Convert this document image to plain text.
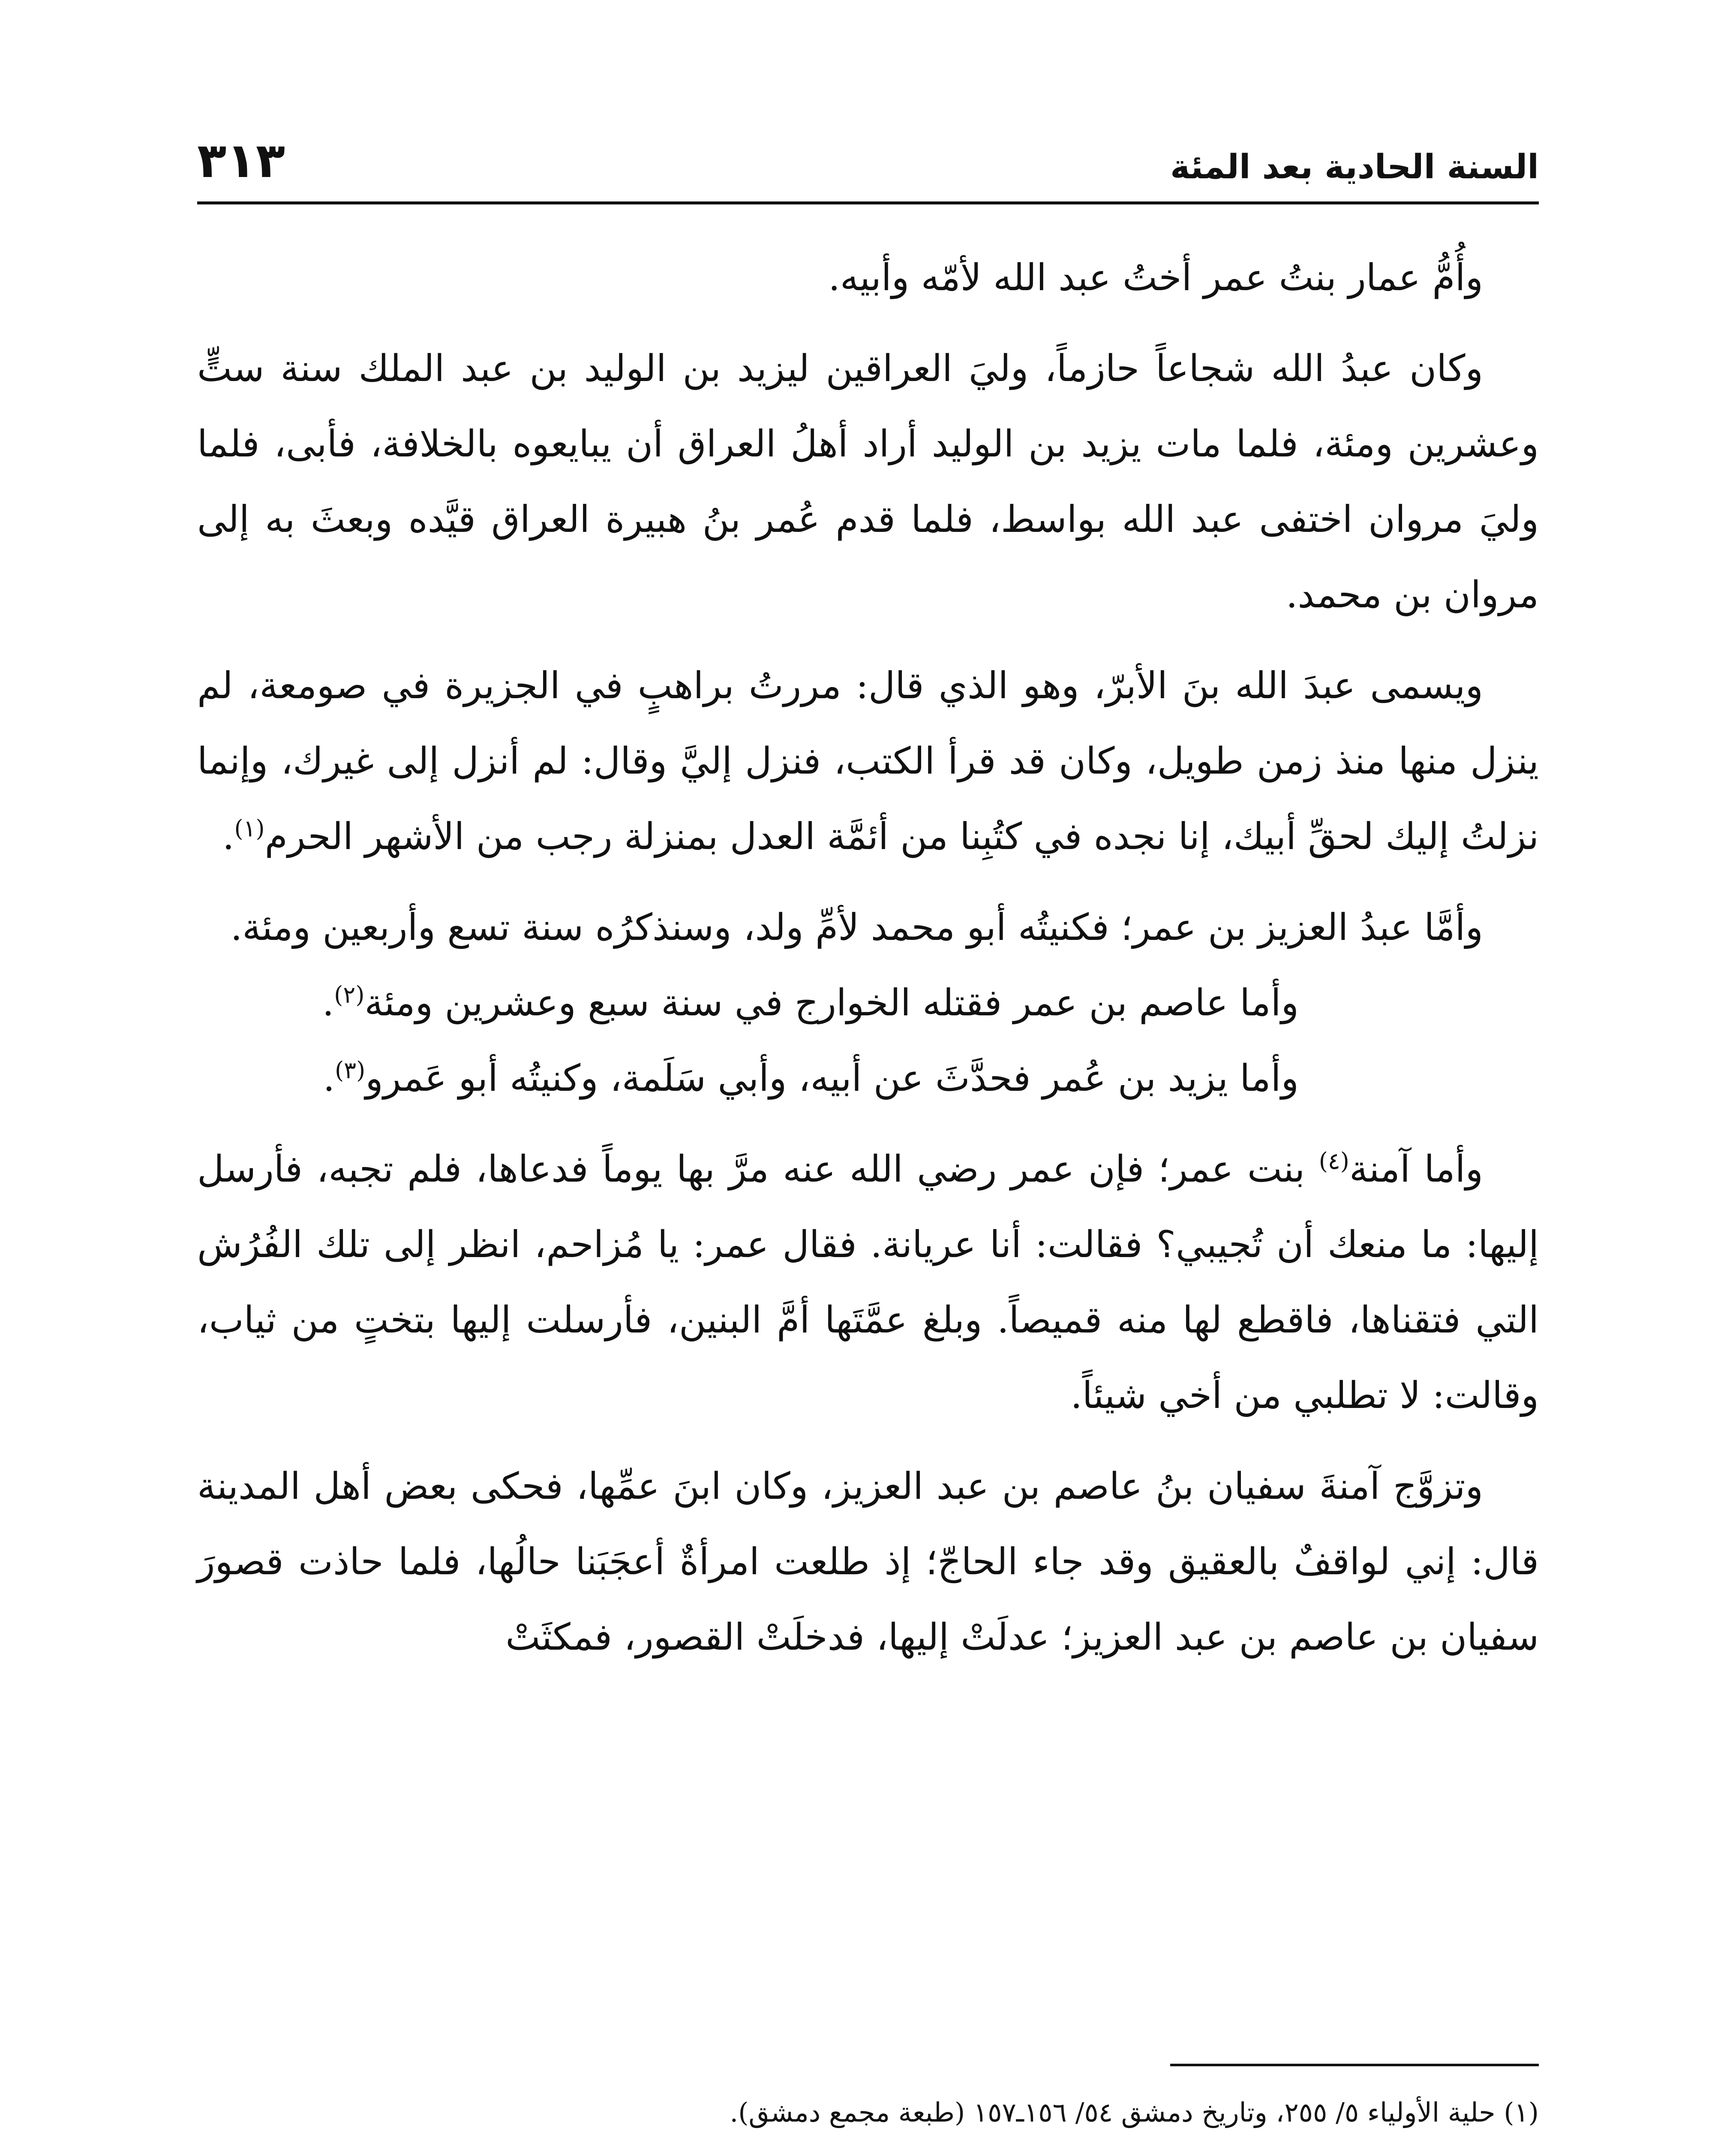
السنة الحادية بعد المئة
٣١٣

وأُمُّ عمار بنتُ عمر أختُ عبد الله لأمّه وأبيه.

وكان عبدُ الله شجاعاً حازماً، وليَ العراقين ليزيد بن الوليد بن عبد الملك سنة ستٍّ وعشرين ومئة، فلما مات يزيد بن الوليد أراد أهلُ العراق أن يبايعوه بالخلافة، فأبى، فلما وليَ مروان اختفى عبد الله بواسط، فلما قدم عُمر بنُ هبيرة العراق قيَّده وبعثَ به إلى مروان بن محمد.

ويسمى عبدَ الله بنَ الأبرّ، وهو الذي قال: مررتُ براهبٍ في الجزيرة في صومعة، لم ينزل منها منذ زمن طويل، وكان قد قرأ الكتب، فنزل إليَّ وقال: لم أنزل إلى غيرك، وإنما نزلتُ إليك لحقِّ أبيك، إنا نجده في كتُبِنا من أئمَّة العدل بمنزلة رجب من الأشهر الحرم$^{(١)}$.

وأمَّا عبدُ العزيز بن عمر؛ فكنيتُه أبو محمد لأمِّ ولد، وسنذكرُه سنة تسع وأربعين ومئة.

وأما عاصم بن عمر فقتله الخوارج في سنة سبع وعشرين ومئة$^{(٢)}$.

وأما يزيد بن عُمر فحدَّثَ عن أبيه، وأبي سَلَمة، وكنيتُه أبو عَمرو$^{(٣)}$.

وأما آمنة$^{(٤)}$ بنت عمر؛ فإن عمر رضي الله عنه مرَّ بها يوماً فدعاها، فلم تجبه، فأرسل إليها: ما منعك أن تُجيبي؟ فقالت: أنا عريانة. فقال عمر: يا مُزاحم، انظر إلى تلك الفُرُش التي فتقناها، فاقطع لها منه قميصاً. وبلغ عمَّتَها أمَّ البنين، فأرسلت إليها بتختٍ من ثياب، وقالت: لا تطلبي من أخي شيئاً.

وتزوَّج آمنةَ سفيان بنُ عاصم بن عبد العزيز، وكان ابنَ عمِّها، فحكى بعض أهل المدينة قال: إني لواقفٌ بالعقيق وقد جاء الحاجّ؛ إذ طلعت امرأةٌ أعجَبَنا حالُها، فلما حاذت قصورَ سفيان بن عاصم بن عبد العزيز؛ عدلَتْ إليها، فدخلَتْ القصور، فمكثَتْ

(١) حلية الأولياء ٥/ ٢٥٥، وتاريخ دمشق ٥٤/ ١٥٦ـ١٥٧ (طبعة مجمع دمشق).
